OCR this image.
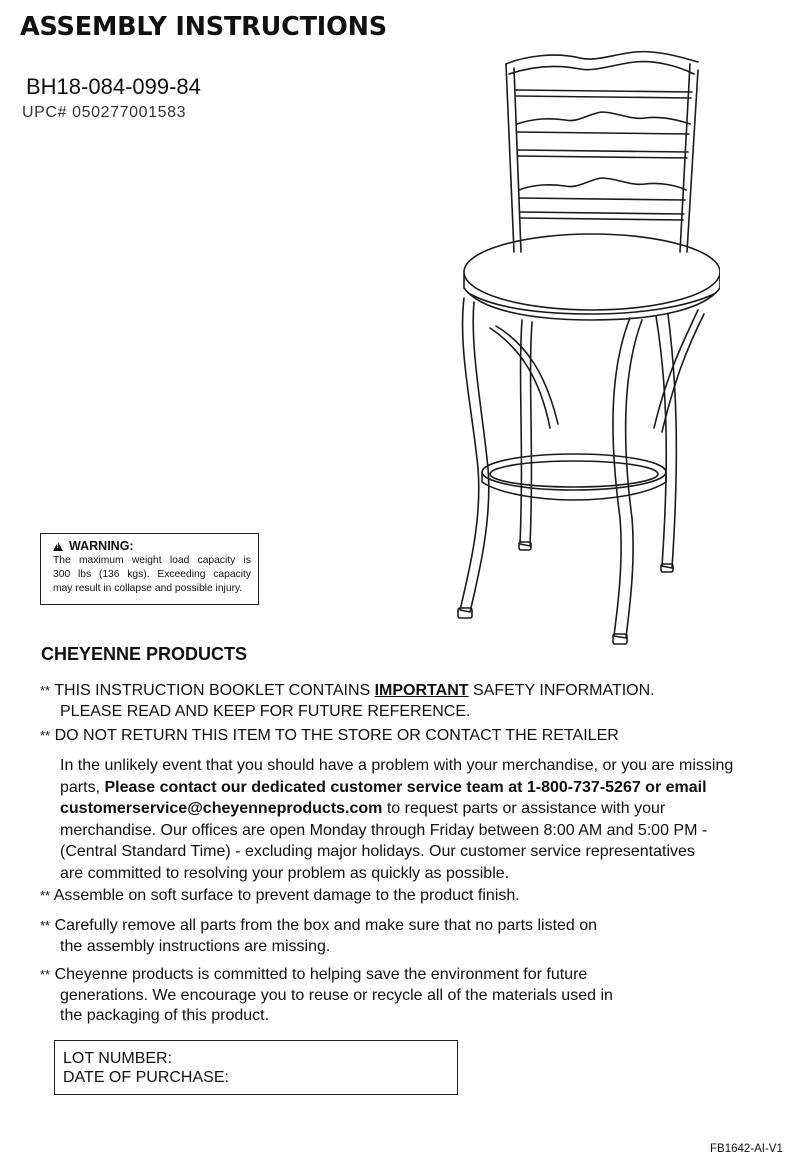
ASSEMBLY INSTRUCTIONS
BH18-084-099-84
UPC# 050277001583
!
WARNING:
The maximum weight load capacity is
300 lbs (136 kgs). Exceeding capacity
may result in collapse and possible injury.
CHEYENNE PRODUCTS
** THIS INSTRUCTION BOOKLET CONTAINS IMPORTANT SAFETY INFORMATION.
PLEASE READ AND KEEP FOR FUTURE REFERENCE.
** DO NOT RETURN THIS ITEM TO THE STORE OR CONTACT THE RETAILER
In the unlikely event that you should have a problem with your merchandise, or you are missing
parts, Please contact our dedicated customer service team at 1-800-737-5267 or email
customerservice@cheyenneproducts.com to request parts or assistance with your
merchandise. Our offices are open Monday through Friday between 8:00 AM and 5:00 PM -
(Central Standard Time) - excluding major holidays. Our customer service representatives
are committed to resolving your problem as quickly as possible.
** Assemble on soft surface to prevent damage to the product finish.
** Carefully remove all parts from the box and make sure that no parts listed on
the assembly instructions are missing.
** Cheyenne products is committed to helping save the environment for future
generations. We encourage you to reuse or recycle all of the materials used in
the packaging of this product.
LOT NUMBER:
DATE OF PURCHASE:
FB1642-AI-V1
